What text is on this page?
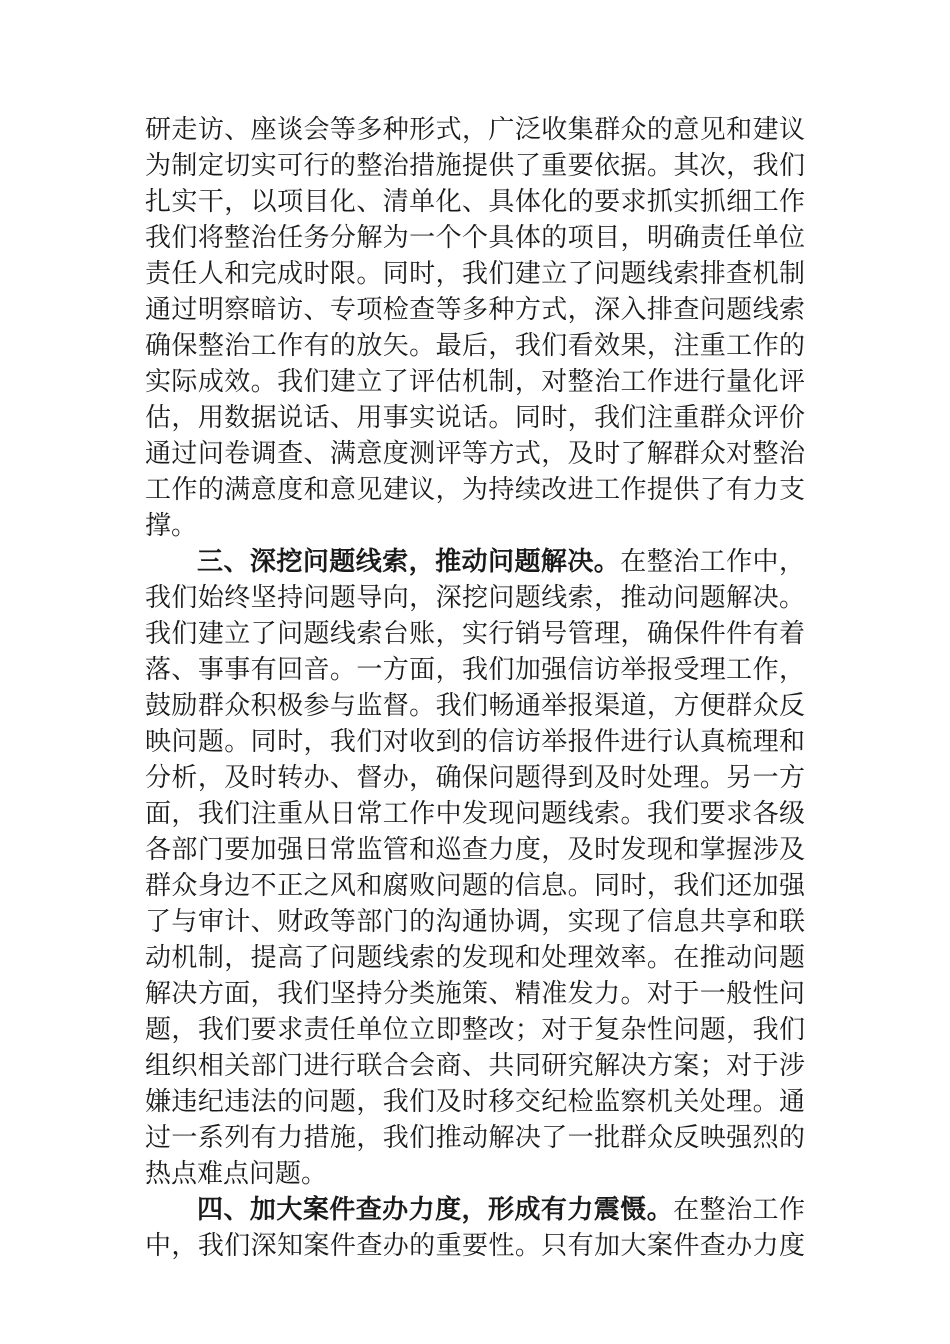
研走访、座谈会等多种形式，广泛收集群众的意见和建议
为制定切实可行的整治措施提供了重要依据。其次，我们
扎实干，以项目化、清单化、具体化的要求抓实抓细工作
我们将整治任务分解为一个个具体的项目，明确责任单位
责任人和完成时限。同时，我们建立了问题线索排查机制
通过明察暗访、专项检查等多种方式，深入排查问题线索
确保整治工作有的放矢。最后，我们看效果，注重工作的
实际成效。我们建立了评估机制，对整治工作进行量化评
估，用数据说话、用事实说话。同时，我们注重群众评价
通过问卷调查、满意度测评等方式，及时了解群众对整治
工作的满意度和意见建议，为持续改进工作提供了有力支
撑。
三、深挖问题线索，推动问题解决。在整治工作中，
我们始终坚持问题导向，深挖问题线索，推动问题解决。
我们建立了问题线索台账，实行销号管理，确保件件有着
落、事事有回音。一方面，我们加强信访举报受理工作，
鼓励群众积极参与监督。我们畅通举报渠道，方便群众反
映问题。同时，我们对收到的信访举报件进行认真梳理和
分析，及时转办、督办，确保问题得到及时处理。另一方
面，我们注重从日常工作中发现问题线索。我们要求各级
各部门要加强日常监管和巡查力度，及时发现和掌握涉及
群众身边不正之风和腐败问题的信息。同时，我们还加强
了与审计、财政等部门的沟通协调，实现了信息共享和联
动机制，提高了问题线索的发现和处理效率。在推动问题
解决方面，我们坚持分类施策、精准发力。对于一般性问
题，我们要求责任单位立即整改；对于复杂性问题，我们
组织相关部门进行联合会商、共同研究解决方案；对于涉
嫌违纪违法的问题，我们及时移交纪检监察机关处理。通
过一系列有力措施，我们推动解决了一批群众反映强烈的
热点难点问题。
四、加大案件查办力度，形成有力震慑。在整治工作
中，我们深知案件查办的重要性。只有加大案件查办力度
